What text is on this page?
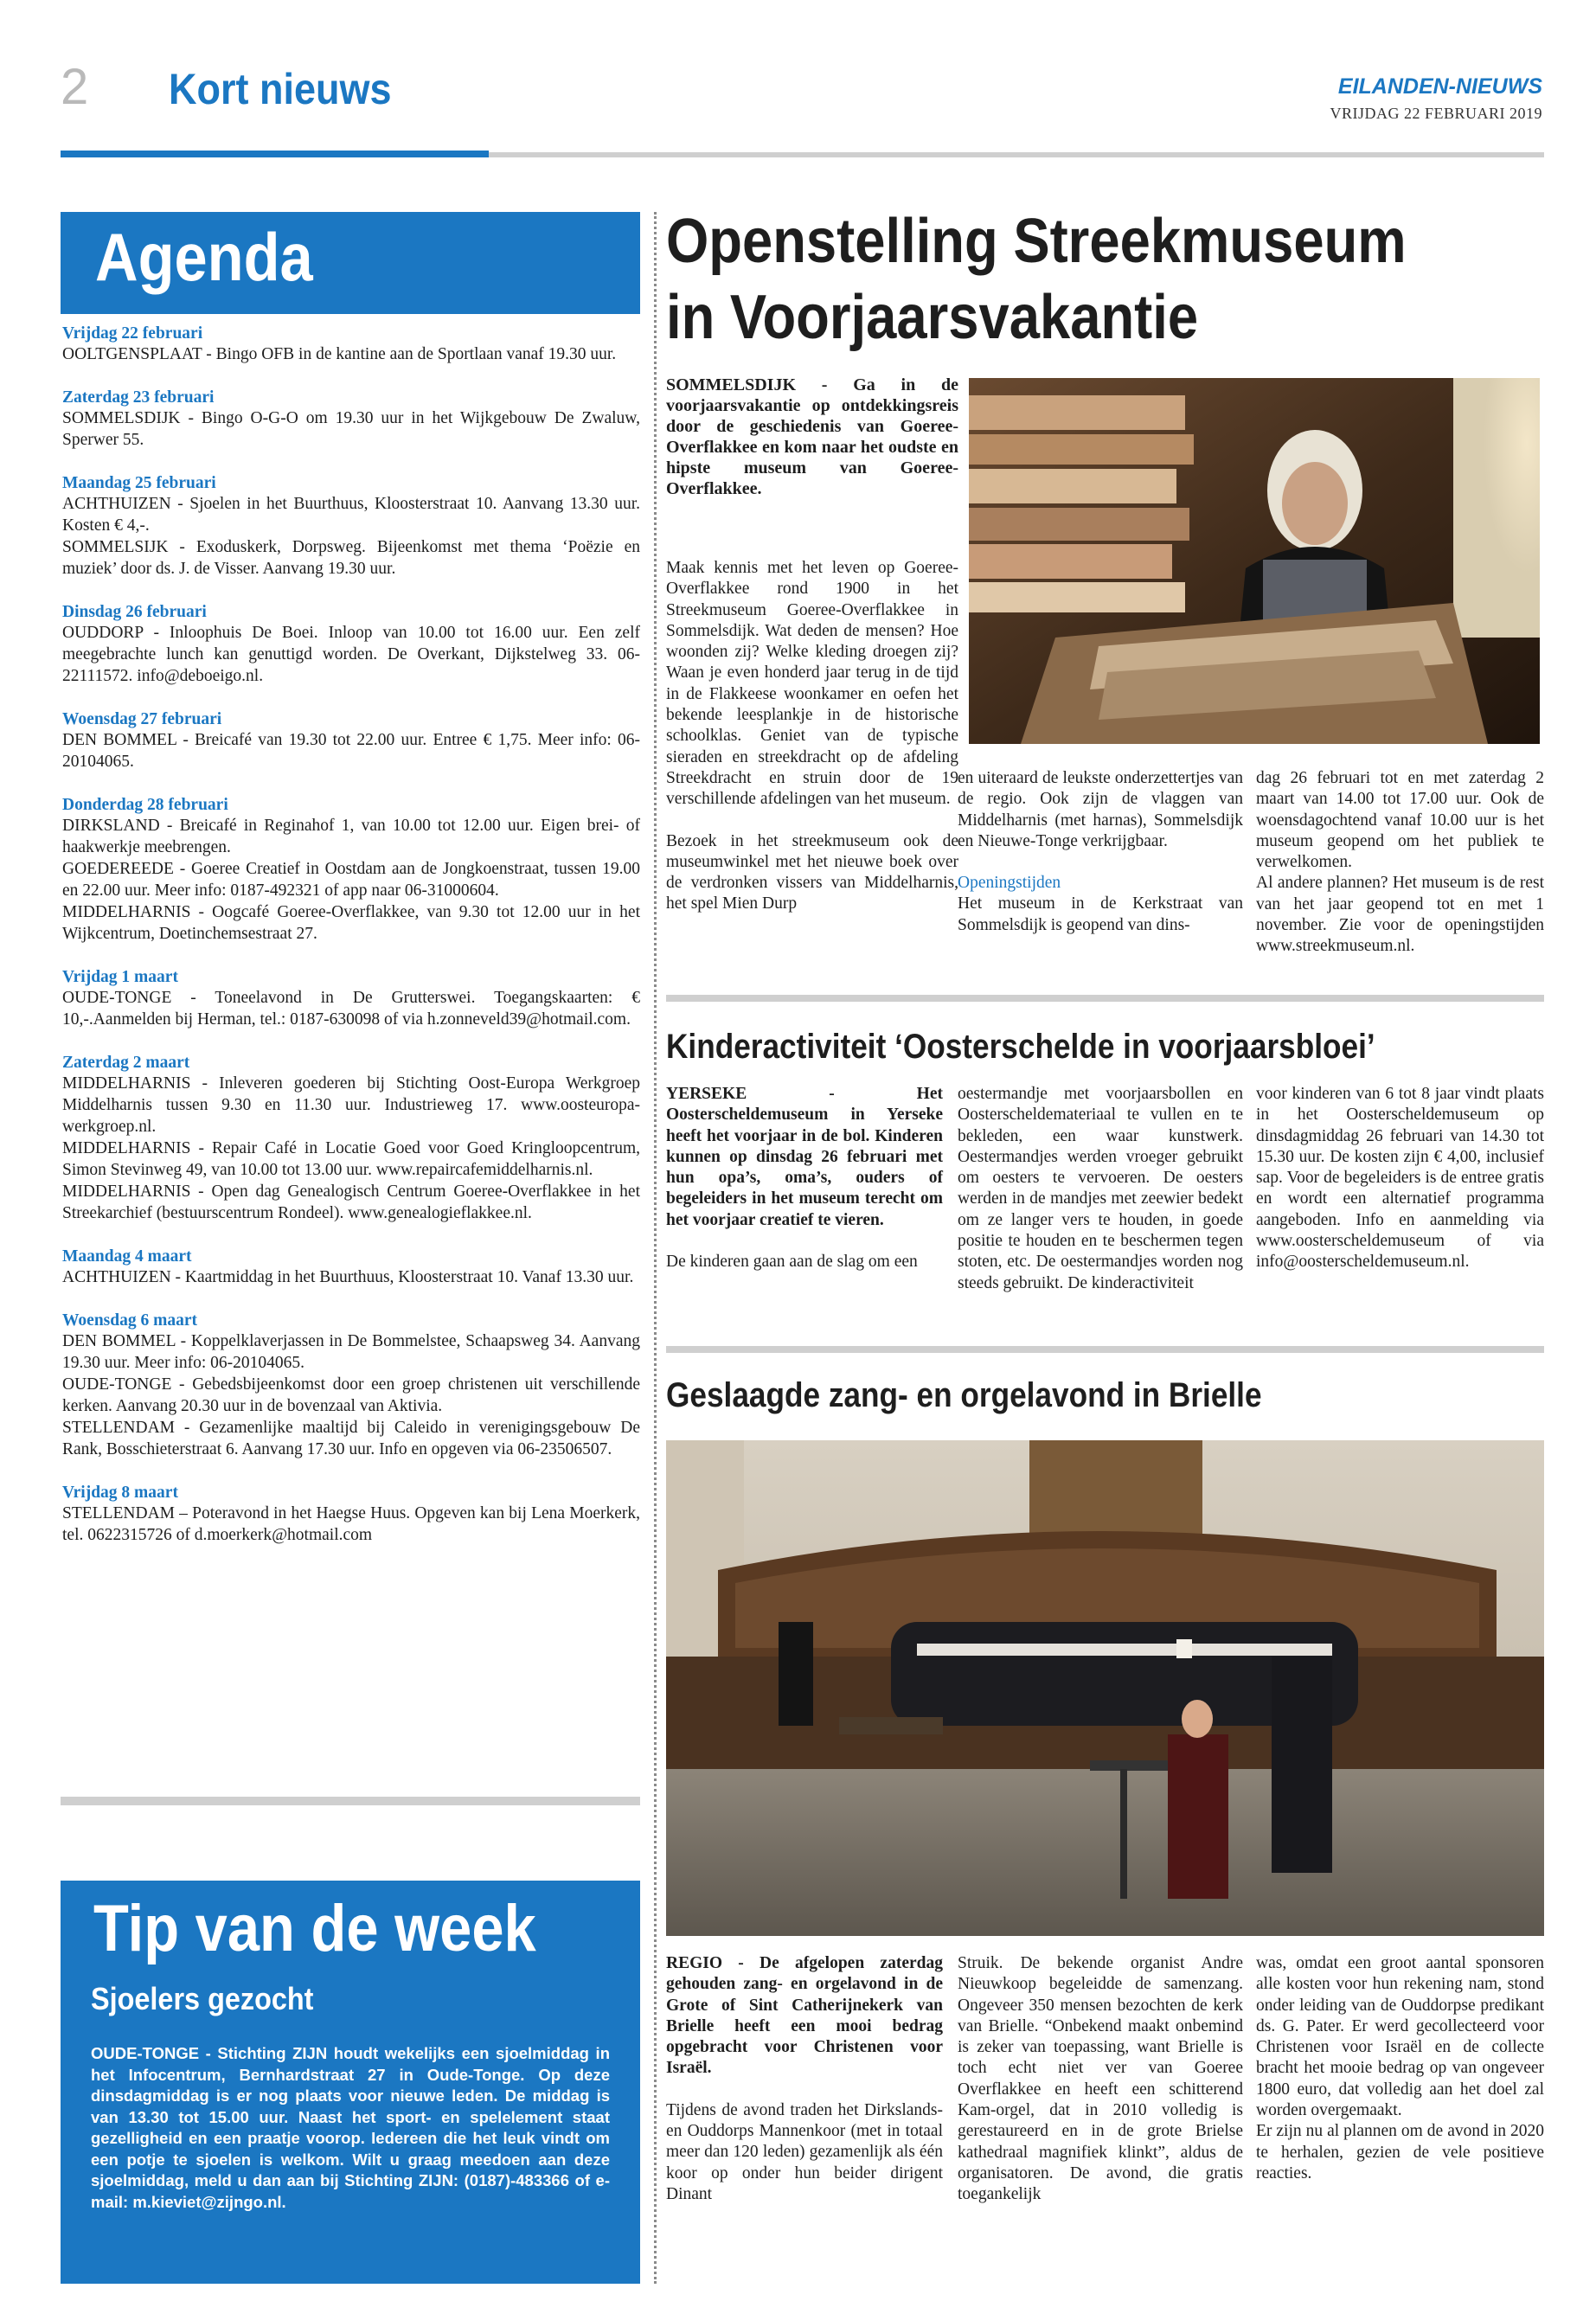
2 Kort nieuws	EILANDEN-NIEUWS
VRIJDAG 22 FEBRUARI 2019
Agenda
Vrijdag 22 februari
OOLTGENSPLAAT - Bingo OFB in de kantine aan de Sportlaan vanaf 19.30 uur.
Zaterdag 23 februari
SOMMELSDIJK - Bingo O-G-O om 19.30 uur in het Wijkgebouw De Zwaluw, Sperwer 55.
Maandag 25 februari
ACHTHUIZEN - Sjoelen in het Buurthuus, Kloosterstraat 10. Aanvang 13.30 uur. Kosten € 4,-.
SOMMELSIJK - Exoduskerk, Dorpsweg. Bijeenkomst met thema ‘Poëzie en muziek’ door ds. J. de Visser. Aanvang 19.30 uur.
Dinsdag 26 februari
OUDDORP - Inloophuis De Boei. Inloop van 10.00 tot 16.00 uur. Een zelf meegebrachte lunch kan genuttigd worden. De Overkant, Dijkstelweg 33. 06-22111572. info@deboeigo.nl.
Woensdag 27 februari
DEN BOMMEL - Breicafé van 19.30 tot 22.00 uur. Entree € 1,75. Meer info: 06-20104065.
Donderdag 28 februari
DIRKSLAND - Breicafé in Reginahof 1, van 10.00 tot 12.00 uur. Eigen brei- of haakwerkje meebrengen.
GOEDEREEDE - Goeree Creatief in Oostdam aan de Jongkoenstraat, tussen 19.00 en 22.00 uur. Meer info: 0187-492321 of app naar 06-31000604.
MIDDELHARNIS - Oogcafé Goeree-Overflakkee, van 9.30 tot 12.00 uur in het Wijkcentrum, Doetinchemsestraat 27.
Vrijdag 1 maart
OUDE-TONGE - Toneelavond in De Grutterswei. Toegangskaarten: € 10,-.Aanmelden bij Herman, tel.: 0187-630098 of via h.zonneveld39@hotmail.com.
Zaterdag 2 maart
MIDDELHARNIS - Inleveren goederen bij Stichting Oost-Europa Werkgroep Middelharnis tussen 9.30 en 11.30 uur. Industrieweg 17. www.oosteuropa-werkgroep.nl.
MIDDELHARNIS - Repair Café in Locatie Goed voor Goed Kringloopcentrum, Simon Stevinweg 49, van 10.00 tot 13.00 uur. www.repaircafemiddelharnis.nl.
MIDDELHARNIS - Open dag Genealogisch Centrum Goeree-Overflakkee in het Streekarchief (bestuurscentrum Rondeel). www.genealogieflakkee.nl.
Maandag 4 maart
ACHTHUIZEN - Kaartmiddag in het Buurthuus, Kloosterstraat 10. Vanaf 13.30 uur.
Woensdag 6 maart
DEN BOMMEL - Koppelklaverjassen in De Bommelstee, Schaapsweg 34. Aanvang 19.30 uur. Meer info: 06-20104065.
OUDE-TONGE - Gebedsbijeenkomst door een groep christenen uit verschillende kerken. Aanvang 20.30 uur in de bovenzaal van Aktivia.
STELLENDAM - Gezamenlijke maaltijd bij Caleido in verenigingsgebouw De Rank, Bosschieterstraat 6. Aanvang 17.30 uur. Info en opgeven via 06-23506507.
Vrijdag 8 maart
STELLENDAM – Poteravond in het Haegse Huus. Opgeven kan bij Lena Moerkerk, tel. 0622315726 of d.moerkerk@hotmail.com
Tip van de week
Sjoelers gezocht
OUDE-TONGE - Stichting ZIJN houdt wekelijks een sjoelmiddag in het Infocentrum, Bernhardstraat 27 in Oude-Tonge. Op deze dinsdagmiddag is er nog plaats voor nieuwe leden. De middag is van 13.30 tot 15.00 uur. Naast het sport- en spelelement staat gezelligheid en een praatje voorop. Iedereen die het leuk vindt om een potje te sjoelen is welkom. Wilt u graag meedoen aan deze sjoelmiddag, meld u dan aan bij Stichting ZIJN: (0187)-483366 of e-mail: m.kieviet@zijngo.nl.
Openstelling Streekmuseum
in Voorjaarsvakantie
SOMMELSDIJK - Ga in de voorjaarsvakantie op ontdekkingsreis door de geschiedenis van Goeree-Overflakkee en kom naar het oudste en hipste museum van Goeree-Overflakkee.

Maak kennis met het leven op Goeree-Overflakkee rond 1900 in het Streekmuseum Goeree-Overflakkee in Sommelsdijk. Wat deden de mensen? Hoe woonden zij? Welke kleding droegen zij? Waan je even honderd jaar terug in de tijd in de Flakkeese woonkamer en oefen het bekende leesplankje in de historische schoolklas. Geniet van de typische sieraden en streekdracht op de afdeling Streekdracht en struin door de 19 verschillende afdelingen van het museum.

Bezoek in het streekmuseum ook de museumwinkel met het nieuwe boek over de verdronken vissers van Middelharnis, het spel Mien Durp

en uiteraard de leukste onderzettertjes van de regio. Ook zijn de vlaggen van Middelharnis (met harnas), Sommelsdijk en Nieuwe-Tonge verkrijgbaar.

Openingstijden

Het museum in de Kerkstraat van Sommelsdijk is geopend van dins-

dag 26 februari tot en met zaterdag 2 maart van 14.00 tot 17.00 uur. Ook de woensdagochtend vanaf 10.00 uur is het museum geopend om het publiek te verwelkomen.

Al andere plannen? Het museum is de rest van het jaar geopend tot en met 1 november. Zie voor de openingstijden www.streekmuseum.nl.

Kinderactiviteit ‘Oosterschelde in voorjaarsbloei’

YERSEKE - Het Oosterscheldemuseum in Yerseke heeft het voorjaar in de bol. Kinderen kunnen op dinsdag 26 februari met hun opa’s, oma’s, ouders of begeleiders in het museum terecht om het voorjaar creatief te vieren.

De kinderen gaan aan de slag om een

oestermandje met voorjaarsbollen en Oosterscheldemateriaal te vullen en te bekleden, een waar kunstwerk. Oestermandjes werden vroeger gebruikt om oesters te vervoeren. De oesters werden in de mandjes met zeewier bedekt om ze langer vers te houden, in goede positie te houden en te beschermen tegen stoten, etc. De oestermandjes worden nog steeds gebruikt. De kinderactiviteit

voor kinderen van 6 tot 8 jaar vindt plaats in het Oosterscheldemuseum op dinsdagmiddag 26 februari van 14.30 tot 15.30 uur. De kosten zijn € 4,00, inclusief sap. Voor de begeleiders is de entree gratis en wordt een alternatief programma aangeboden. Info en aanmelding via www.oosterscheldemuseum of via info@oosterscheldemuseum.nl.

Geslaagde zang- en orgelavond in Brielle

REGIO - De afgelopen zaterdag gehouden zang- en orgelavond in de Grote of Sint Catherijnekerk van Brielle heeft een mooi bedrag opgebracht voor Christenen voor Israël.

Tijdens de avond traden het Dirkslands- en Ouddorps Mannenkoor (met in totaal meer dan 120 leden) gezamenlijk als één koor op onder hun beider dirigent Dinant

Struik. De bekende organist Andre Nieuwkoop begeleidde de samenzang. Ongeveer 350 mensen bezochten de kerk van Brielle. “Onbekend maakt onbemind is zeker van toepassing, want Brielle is toch echt niet ver van Goeree Overflakkee en heeft een schitterend Kam-orgel, dat in 2010 volledig is gerestaureerd en in de grote Brielse kathedraal magnifiek klinkt”, aldus de organisatoren. De avond, die gratis toegankelijk

was, omdat een groot aantal sponsoren alle kosten voor hun rekening nam, stond onder leiding van de Ouddorpse predikant ds. G. Pater. Er werd gecollecteerd voor Christenen voor Israël en de collecte bracht het mooie bedrag op van ongeveer 1800 euro, dat volledig aan het doel zal worden overgemaakt.

Er zijn nu al plannen om de avond in 2020 te herhalen, gezien de vele positieve reacties.
